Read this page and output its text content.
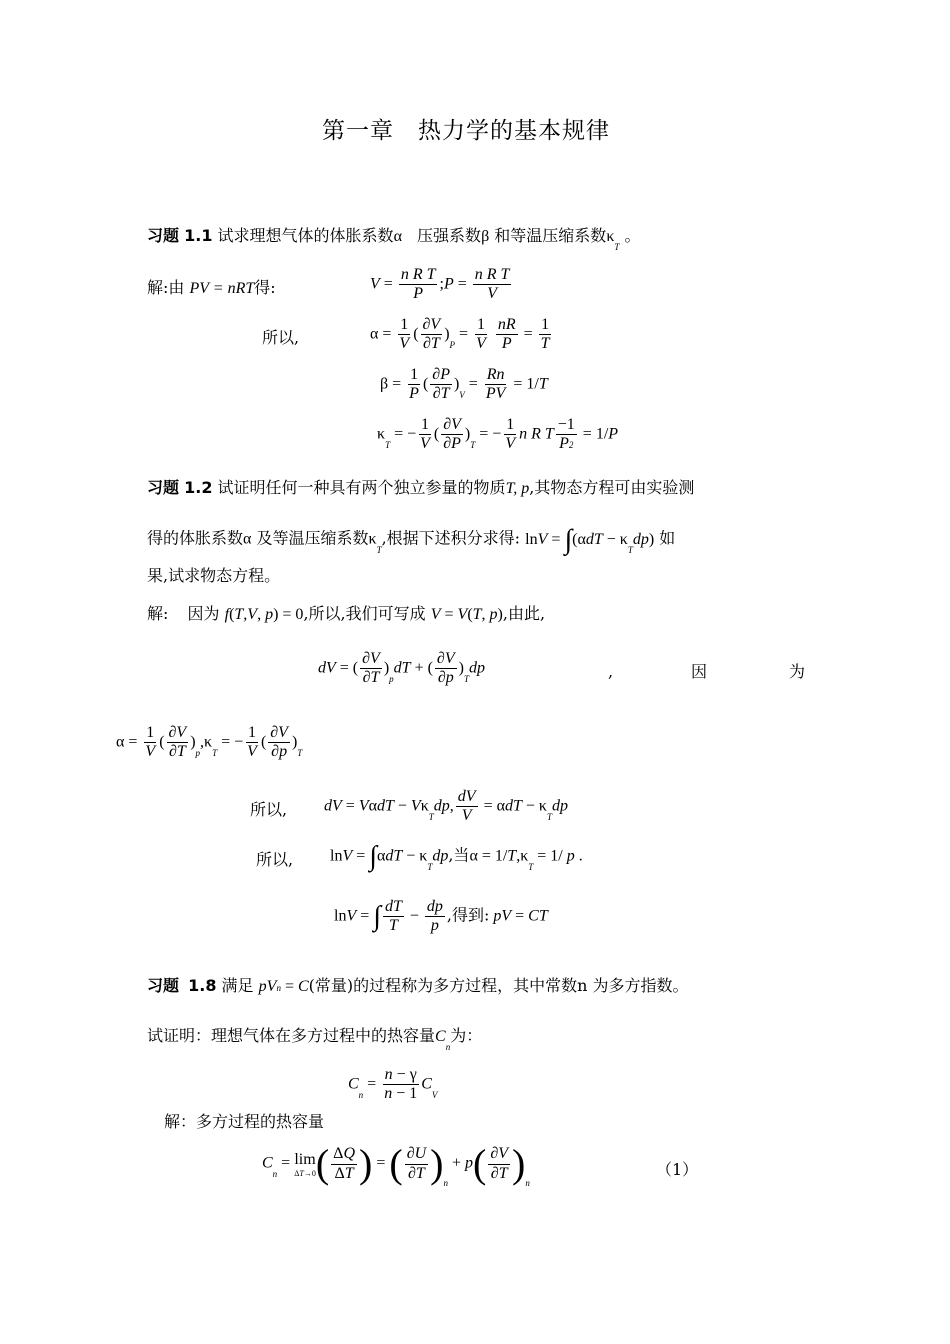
第一章　热力学的基本规律
习题 1.1 试求理想气体的体胀系数α 压强系数β 和等温压缩系数$\kappa_T$ 。
解:由 PV = nRT得:	$V = \frac{\text{n R T}}{P}$ ;P = $\frac{\text{n R T}}{V}$
所以,	$\alpha = \frac{1}{V}$ ( $\frac{\partial V}{\partial T} )_P = \frac{1}{V}$
$\frac{nR}{P} = \frac{1}{T}$
$\beta = \frac{1}{P}$ ( $\frac{\partial P}{\partial T} )_V = \frac{Rn}{PV} = 1/T$
$\kappa_T$ = − $\frac{1}{V}$ ( $\frac{\partial V}{\partial P} )_T$ = − $\frac{1}{V}$ n R T $\frac{-1}{P2} = 1/P$
习题 1.2 试证明任何一种具有两个独立参量的物质T, p,其物态方程可由实验测
得的体胀系数α 及等温压缩系数$\kappa_T$,根据下述积分求得: $\ln V = \int(\alpha dT - \kappa_Tdp)$ 如
果,试求物态方程。
解: 因为 f(T,V, p) = 0,所以,我们可写成 V = V(T, p),由此,
dV = ( $\frac{\partial V}{\partial T} )_pdT$ + ( $\frac{\partial V}{\partial p} )_Tdp$	,	因	为
$\alpha = \frac{1}{V}$ ( $\frac{\partial V}{\partial T} )_p,\kappa_T$ = − $\frac{1}{V}$ ( $\frac{\partial V}{\partial p} )_T$
所以, dV = $V\alpha dT - V\kappa_Tdp$, $\frac{dV}{V} = \alpha dT - \kappa_Tdp$
所以, $\ln V = \int\alpha dT - \kappa_Tdp$,当$\alpha = 1/T,\kappa_T = 1/$ p .
lnV = ∫ $\frac{dT}{T} - \frac{dp}{p}$ ,得到: pV = CT
习题 1.8 满足 pVn = C(常量)的过程称为多方过程，其中常数n 为多方指数。
试证明：理想气体在多方过程中的热容量$C_n$为：
$C_n = \frac{n - \gamma}{n - 1} C_V$
解：多方过程的热容量
$C_n = \lim$
ΔT→0 ( $\frac{\Delta Q}{\Delta T}$ ) = ( $\frac{\partial U}{\partial T} )_n + p( \frac{\partial V}{\partial T} )_n$
（1）
